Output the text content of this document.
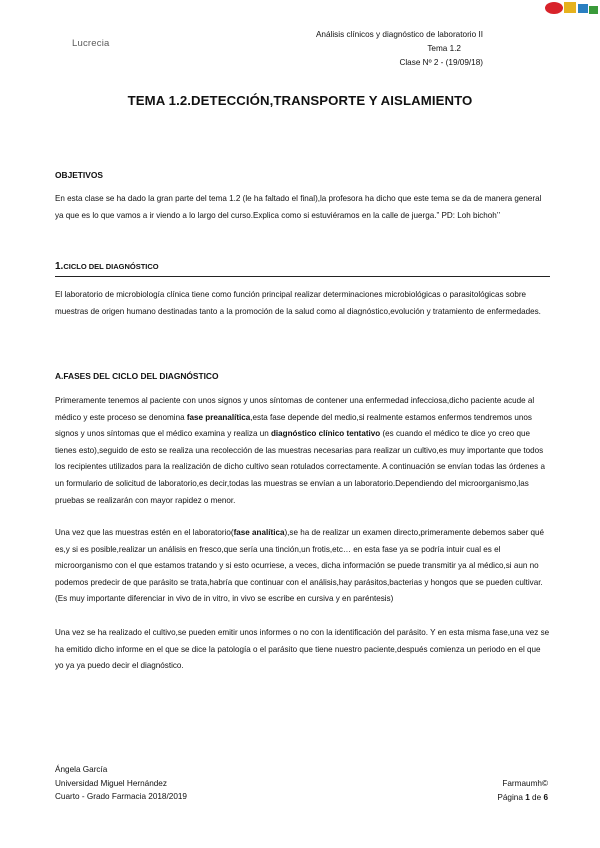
Lucrecia
Análisis clínicos y diagnóstico de laboratorio II
Tema 1.2
Clase Nº 2 - (19/09/18)
TEMA 1.2.DETECCIÓN,TRANSPORTE Y AISLAMIENTO
OBJETIVOS
En esta clase se ha dado la gran parte del tema 1.2 (le ha faltado el final),la profesora ha dicho que este tema se da de manera general ya que es lo que vamos a ir viendo a lo largo del curso.Explica como si estuviéramos en la calle de juerga.” PD: Loh bichoh’’
1.CICLO DEL DIAGNÓSTICO
El laboratorio de microbiología clínica tiene como función principal realizar determinaciones microbiológicas o parasitológicas sobre muestras de origen humano destinadas tanto a la promoción de la salud como al diagnóstico,evolución y tratamiento de enfermedades.
A.FASES DEL CICLO DEL DIAGNÓSTICO
Primeramente tenemos al paciente con unos signos y unos síntomas de contener una enfermedad infecciosa,dicho paciente acude al médico y este proceso se denomina fase preanalítica,esta fase depende del medio,si realmente estamos enfermos tendremos unos signos y unos síntomas que el médico examina y realiza un diagnóstico clínico tentativo (es cuando el médico te dice yo creo que tienes esto),seguido de esto se realiza una recolección de las muestras necesarias para realizar un cultivo,es muy importante que todos los recipientes utilizados para la realización de dicho cultivo sean rotulados correctamente. A continuación se envían todas las órdenes a un formulario de solicitud de laboratorio,es decir,todas las muestras se envían a un laboratorio.Dependiendo del microorganismo,las pruebas se realizarán con mayor rapidez o menor.
Una vez que las muestras estén en el laboratorio(fase analítica),se ha de realizar un examen directo,primeramente debemos saber qué es,y si es posible,realizar un análisis en fresco,que sería una tinción,un frotis,etc… en esta fase ya se podría intuir cual es el microorganismo con el que estamos tratando y si esto ocurriese, a veces, dicha información se puede transmitir ya al médico,si aun no podemos predecir de que parásito se trata,habría que continuar con el análisis,hay parásitos,bacterias y hongos que se pueden cultivar. (Es muy importante diferenciar in vivo de in vitro, in vivo se escribe en cursiva y en paréntesis)
Una vez se ha realizado el cultivo,se pueden emitir unos informes o no con la identificación del parásito. Y en esta misma fase,una vez se ha emitido dicho informe en el que se dice la patología o el parásito que tiene nuestro paciente,después comienza un periodo en el que yo ya ya puedo decir el diagnóstico.
Ángela García
Universidad Miguel Hernández
Cuarto - Grado Farmacia 2018/2019
Farmaumh©
Página 1 de 6
